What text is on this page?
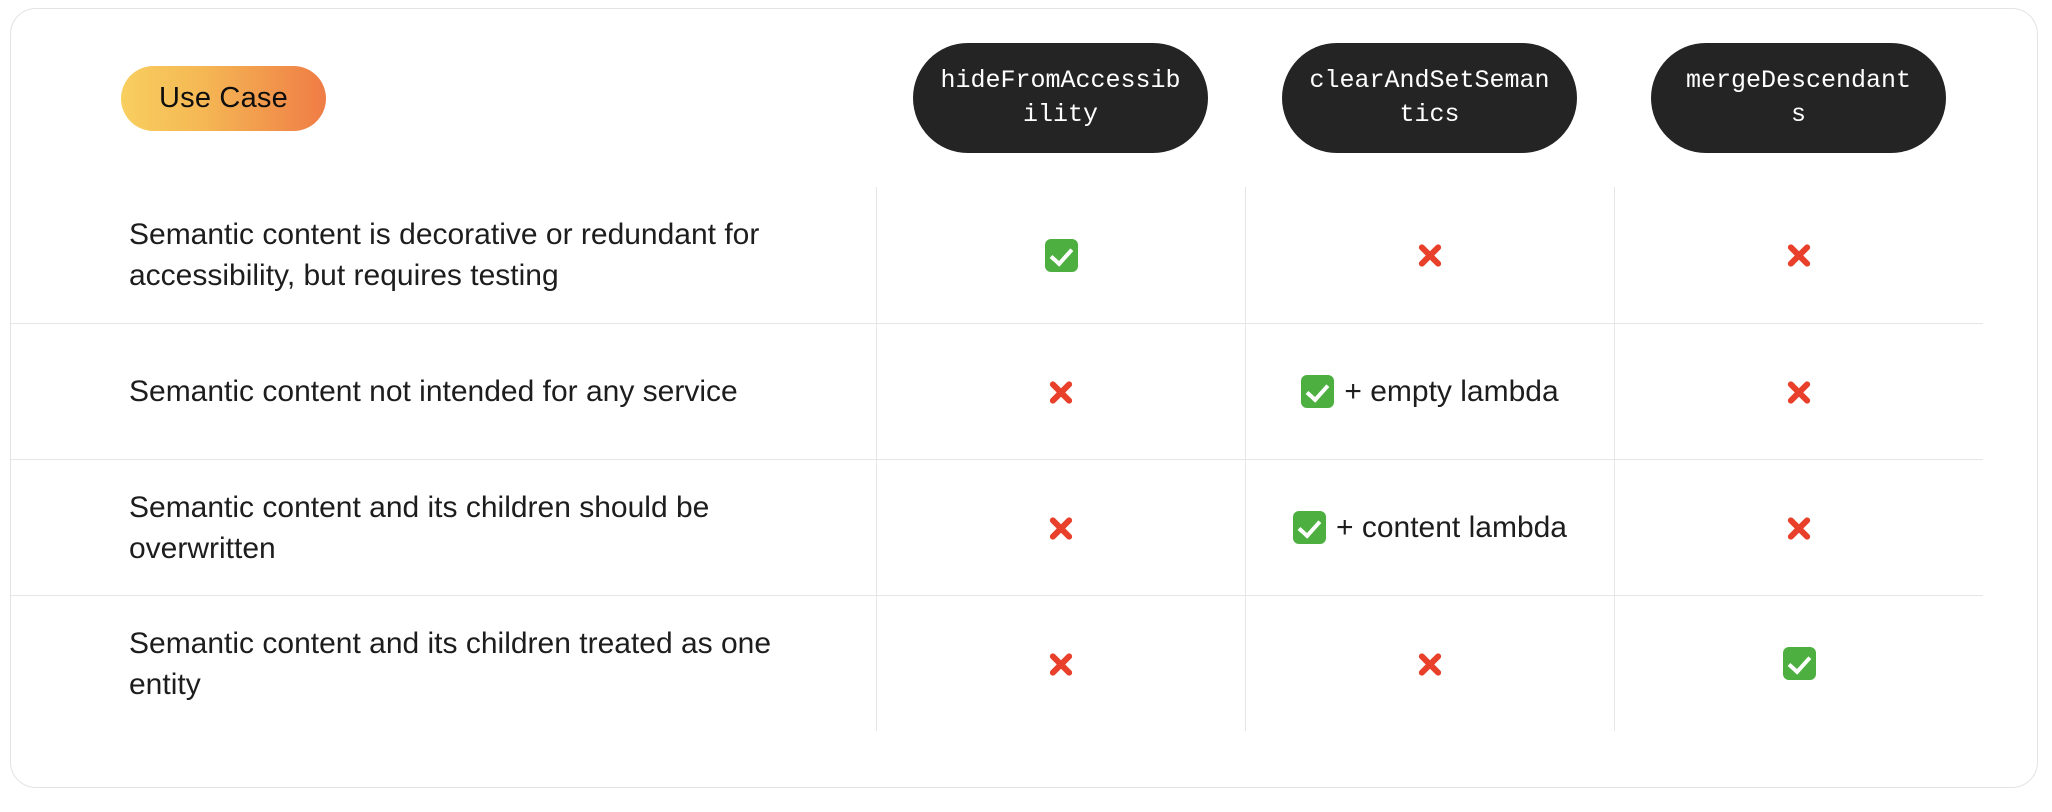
Use Case
hideFromAccessibility
clearAndSetSemantics
mergeDescendants
Semantic content is decorative or redundant for accessibility, but requires testing
Semantic content not intended for any service	+ empty lambda
Semantic content and its children should be overwritten
+ content lambda
Semantic content and its children treated as one entity
